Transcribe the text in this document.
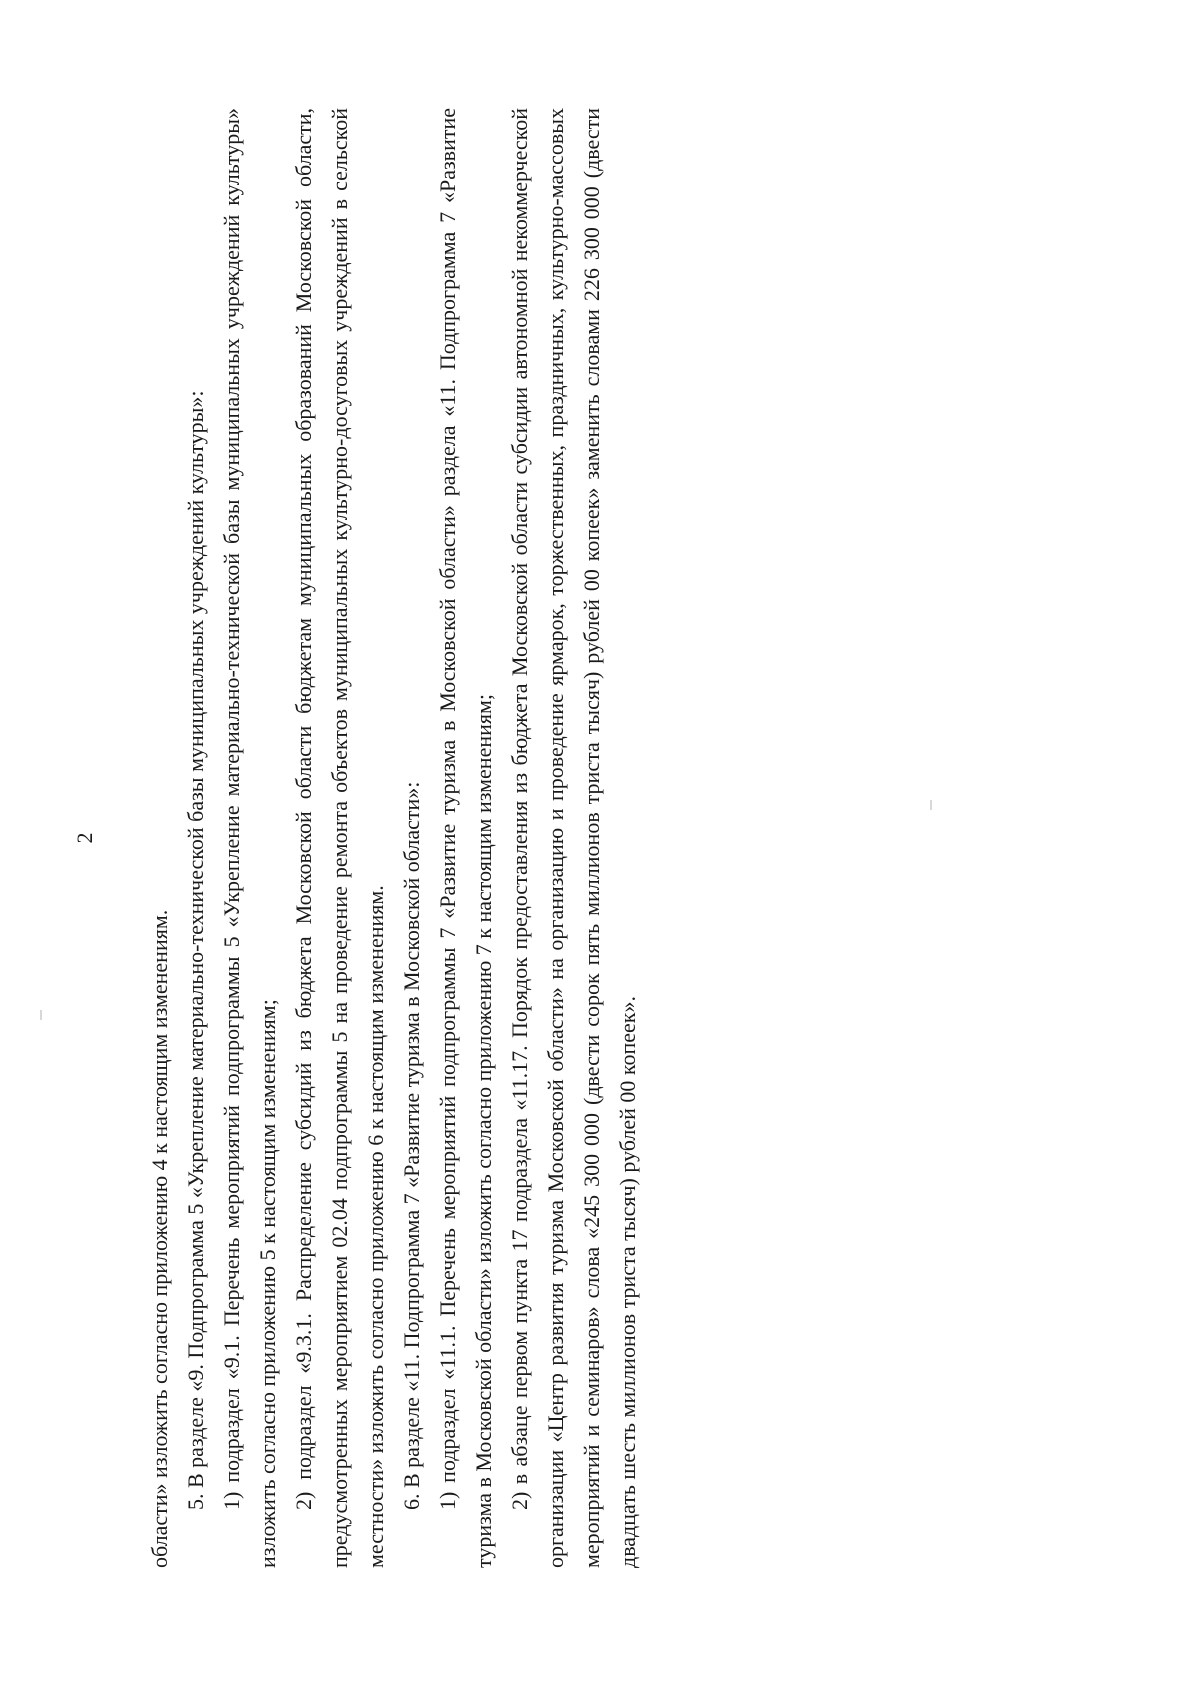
2

области» изложить согласно приложению 4 к настоящим изменениям. 5. В разделе «9. Подпрограмма 5 «Укрепление материально-технической базы муниципальных учреждений культуры»: 1) подраздел «9.1. Перечень мероприятий подпрограммы 5 «Укрепление материально-технической базы муниципальных учреждений культуры» изложить согласно приложению 5 к настоящим изменениям; 2) подраздел «9.3.1. Распределение субсидий из бюджета Московской области бюджетам муниципальных образований Московской области, предусмотренных мероприятием 02.04 подпрограммы 5 на проведение ремонта объектов муниципальных культурно-досуговых учреждений в сельской местности» изложить согласно приложению 6 к настоящим изменениям. 6. В разделе «11. Подпрограмма 7 «Развитие туризма в Московской области»: 1) подраздел «11.1. Перечень мероприятий подпрограммы 7 «Развитие туризма в Московской области» раздела «11. Подпрограмма 7 «Развитие туризма в Московской области» изложить согласно приложению 7 к настоящим изменениям; 2) в абзаце первом пункта 17 подраздела «11.17. Порядок предоставления из бюджета Московской области субсидии автономной некоммерческой организации «Центр развития туризма Московской области» на организацию и проведение ярмарок, торжественных, праздничных, культурно-массовых мероприятий и семинаров» слова «245 300 000 (двести сорок пять миллионов триста тысяч) рублей 00 копеек» заменить словами 226 300 000 (двести двадцать шесть миллионов триста тысяч) рублей 00 копеек».
